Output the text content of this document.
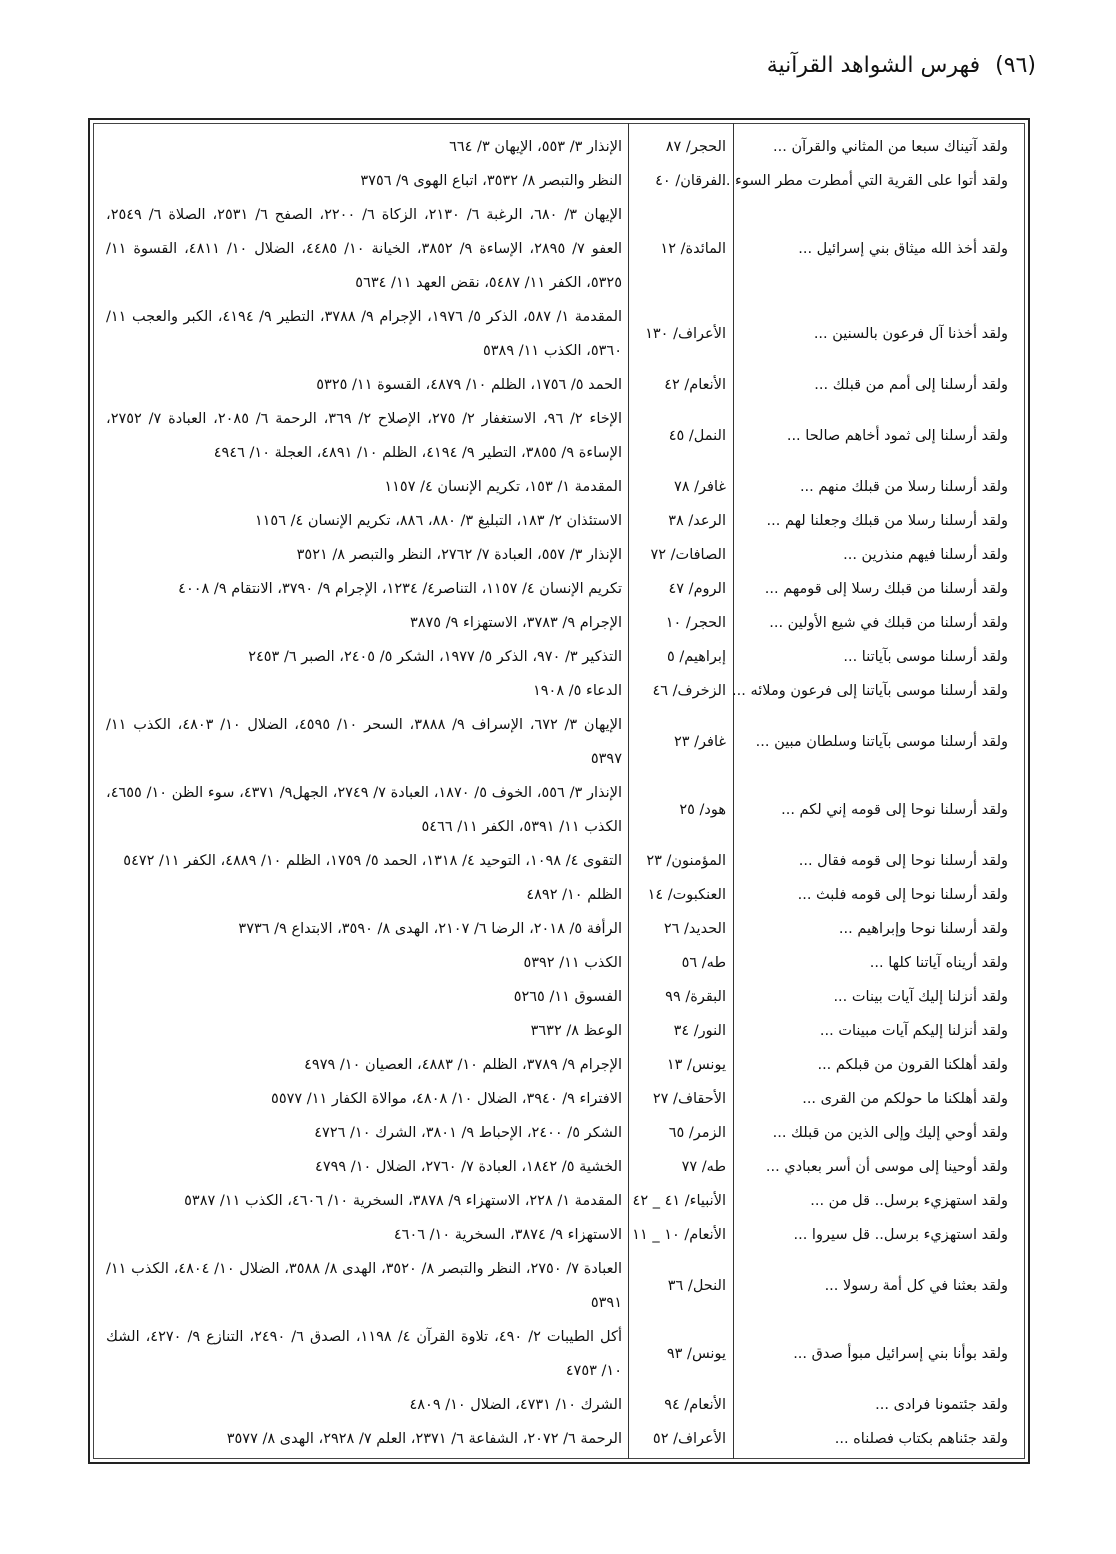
(٩٦) فهرس الشواهد القرآنية
ولقد آتيناك سبعا من المثاني والقرآن ...
الحجر/ ٨٧
الإنذار ٣/ ٥٥٣، الإيهان ٣/ ٦٦٤
ولقد أتوا على القرية التي أمطرت مطر السوء ...
الفرقان/ ٤٠
النظر والتبصر ٨/ ٣٥٣٢، اتباع الهوى ٩/ ٣٧٥٦
ولقد أخذ الله ميثاق بني إسرائيل ...
المائدة/ ١٢
الإيهان ٣/ ٦٨٠، الرغبة ٦/ ٢١٣٠، الزكاة ٦/ ٢٢٠٠، الصفح ٦/ ٢٥٣١، الصلاة ٦/ ٢٥٤٩، العفو ٧/ ٢٨٩٥، الإساءة ٩/ ٣٨٥٢، الخيانة ١٠/ ٤٤٨٥، الضلال ١٠/ ٤٨١١، القسوة ١١/ ٥٣٢٥، الكفر ١١/ ٥٤٨٧، نقض العهد ١١/ ٥٦٣٤
ولقد أخذنا آل فرعون بالسنين ...
الأعراف/ ١٣٠
المقدمة ١/ ٥٨٧، الذكر ٥/ ١٩٧٦، الإجرام ٩/ ٣٧٨٨، التطير ٩/ ٤١٩٤، الكبر والعجب ١١/ ٥٣٦٠، الكذب ١١/ ٥٣٨٩
ولقد أرسلنا إلى أمم من قبلك ...
الأنعام/ ٤٢
الحمد ٥/ ١٧٥٦، الظلم ١٠/ ٤٨٧٩، القسوة ١١/ ٥٣٢٥
ولقد أرسلنا إلى ثمود أخاهم صالحا ...
النمل/ ٤٥
الإخاء ٢/ ٩٦، الاستغفار ٢/ ٢٧٥، الإصلاح ٢/ ٣٦٩، الرحمة ٦/ ٢٠٨٥، العبادة ٧/ ٢٧٥٢، الإساءة ٩/ ٣٨٥٥، التطير ٩/ ٤١٩٤، الظلم ١٠/ ٤٨٩١، العجلة ١٠/ ٤٩٤٦
ولقد أرسلنا رسلا من قبلك منهم ...
غافر/ ٧٨
المقدمة ١/ ١٥٣، تكريم الإنسان ٤/ ١١٥٧
ولقد أرسلنا رسلا من قبلك وجعلنا لهم ...
الرعد/ ٣٨
الاستئذان ٢/ ١٨٣، التبليغ ٣/ ٨٨٠، ٨٨٦، تكريم الإنسان ٤/ ١١٥٦
ولقد أرسلنا فيهم منذرين ...
الصافات/ ٧٢
الإنذار ٣/ ٥٥٧، العبادة ٧/ ٢٧٦٢، النظر والتبصر ٨/ ٣٥٢١
ولقد أرسلنا من قبلك رسلا إلى قومهم ...
الروم/ ٤٧
تكريم الإنسان ٤/ ١١٥٧، التناصر٤/ ١٢٣٤، الإجرام ٩/ ٣٧٩٠، الانتقام ٩/ ٤٠٠٨
ولقد أرسلنا من قبلك في شيع الأولين ...
الحجر/ ١٠
الإجرام ٩/ ٣٧٨٣، الاستهزاء ٩/ ٣٨٧٥
ولقد أرسلنا موسى بآياتنا ...
إبراهيم/ ٥
التذكير ٣/ ٩٧٠، الذكر ٥/ ١٩٧٧، الشكر ٥/ ٢٤٠٥، الصبر ٦/ ٢٤٥٣
ولقد أرسلنا موسى بآياتنا إلى فرعون وملائه ...
الزخرف/ ٤٦
الدعاء ٥/ ١٩٠٨
ولقد أرسلنا موسى بآياتنا وسلطان مبين ...
غافر/ ٢٣
الإيهان ٣/ ٦٧٢، الإسراف ٩/ ٣٨٨٨، السحر ١٠/ ٤٥٩٥، الضلال ١٠/ ٤٨٠٣، الكذب ١١/ ٥٣٩٧
ولقد أرسلنا نوحا إلى قومه إني لكم ...
هود/ ٢٥
الإنذار ٣/ ٥٥٦، الخوف ٥/ ١٨٧٠، العبادة ٧/ ٢٧٤٩، الجهل٩/ ٤٣٧١، سوء الظن ١٠/ ٤٦٥٥، الكذب ١١/ ٥٣٩١، الكفر ١١/ ٥٤٦٦
ولقد أرسلنا نوحا إلى قومه فقال ...
المؤمنون/ ٢٣
التقوى ٤/ ١٠٩٨، التوحيد ٤/ ١٣١٨، الحمد ٥/ ١٧٥٩، الظلم ١٠/ ٤٨٨٩، الكفر ١١/ ٥٤٧٢
ولقد أرسلنا نوحا إلى قومه فلبث ...
العنكبوت/ ١٤
الظلم ١٠/ ٤٨٩٢
ولقد أرسلنا نوحا وإبراهيم ...
الحديد/ ٢٦
الرأفة ٥/ ٢٠١٨، الرضا ٦/ ٢١٠٧، الهدى ٨/ ٣٥٩٠، الابتداع ٩/ ٣٧٣٦
ولقد أريناه آياتنا كلها ...
طه/ ٥٦
الكذب ١١/ ٥٣٩٢
ولقد أنزلنا إليك آيات بينات ...
البقرة/ ٩٩
الفسوق ١١/ ٥٢٦٥
ولقد أنزلنا إليكم آيات مبينات ...
النور/ ٣٤
الوعظ ٨/ ٣٦٣٢
ولقد أهلكنا القرون من قبلكم ...
يونس/ ١٣
الإجرام ٩/ ٣٧٨٩، الظلم ١٠/ ٤٨٨٣، العصيان ١٠/ ٤٩٧٩
ولقد أهلكنا ما حولكم من القرى ...
الأحقاف/ ٢٧
الافتراء ٩/ ٣٩٤٠، الضلال ١٠/ ٤٨٠٨، موالاة الكفار ١١/ ٥٥٧٧
ولقد أوحي إليك وإلى الذين من قبلك ...
الزمر/ ٦٥
الشكر ٥/ ٢٤٠٠، الإحباط ٩/ ٣٨٠١، الشرك ١٠/ ٤٧٢٦
ولقد أوحينا إلى موسى أن أسر بعبادي ...
طه/ ٧٧
الخشية ٥/ ١٨٤٢، العبادة ٧/ ٢٧٦٠، الضلال ١٠/ ٤٧٩٩
ولقد استهزيء برسل.. قل من ...
الأنبياء/ ٤١ _ ٤٢
المقدمة ١/ ٢٢٨، الاستهزاء ٩/ ٣٨٧٨، السخرية ١٠/ ٤٦٠٦، الكذب ١١/ ٥٣٨٧
ولقد استهزيء برسل.. قل سيروا ...
الأنعام/ ١٠ _ ١١
الاستهزاء ٩/ ٣٨٧٤، السخرية ١٠/ ٤٦٠٦
ولقد بعثنا في كل أمة رسولا ...
النحل/ ٣٦
العبادة ٧/ ٢٧٥٠، النظر والتبصر ٨/ ٣٥٢٠، الهدى ٨/ ٣٥٨٨، الضلال ١٠/ ٤٨٠٤، الكذب ١١/ ٥٣٩١
ولقد بوأنا بني إسرائيل مبوأ صدق ...
يونس/ ٩٣
أكل الطيبات ٢/ ٤٩٠، تلاوة القرآن ٤/ ١١٩٨، الصدق ٦/ ٢٤٩٠، التنازع ٩/ ٤٢٧٠، الشك ١٠/ ٤٧٥٣
ولقد جئتمونا فرادى ...
الأنعام/ ٩٤
الشرك ١٠/ ٤٧٣١، الضلال ١٠/ ٤٨٠٩
ولقد جئناهم بكتاب فصلناه ...
الأعراف/ ٥٢
الرحمة ٦/ ٢٠٧٢، الشفاعة ٦/ ٢٣٧١، العلم ٧/ ٢٩٢٨، الهدى ٨/ ٣٥٧٧
